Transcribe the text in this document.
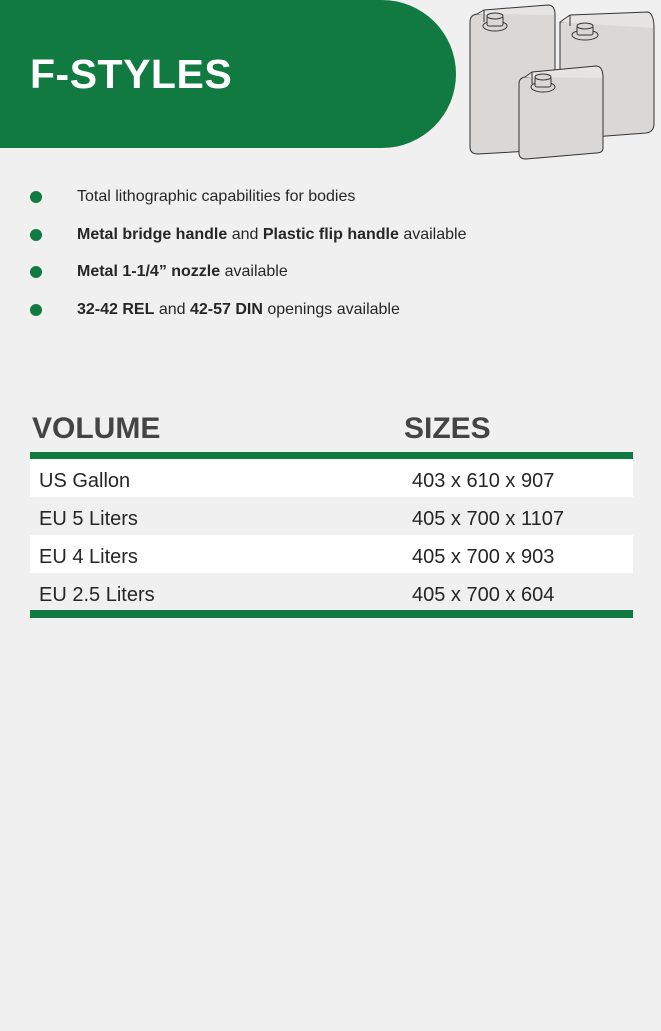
F-STYLES
Total lithographic capabilities for bodies
Metal bridge handle and Plastic flip handle available
Metal 1-1/4” nozzle available
32-42 REL and 42-57 DIN openings available
VOLUME	SIZES
US Gallon	403 x 610 x 907
EU 5 Liters	405 x 700 x 1107
EU 4 Liters	405 x 700 x 903
EU 2.5 Liters	405 x 700 x 604
